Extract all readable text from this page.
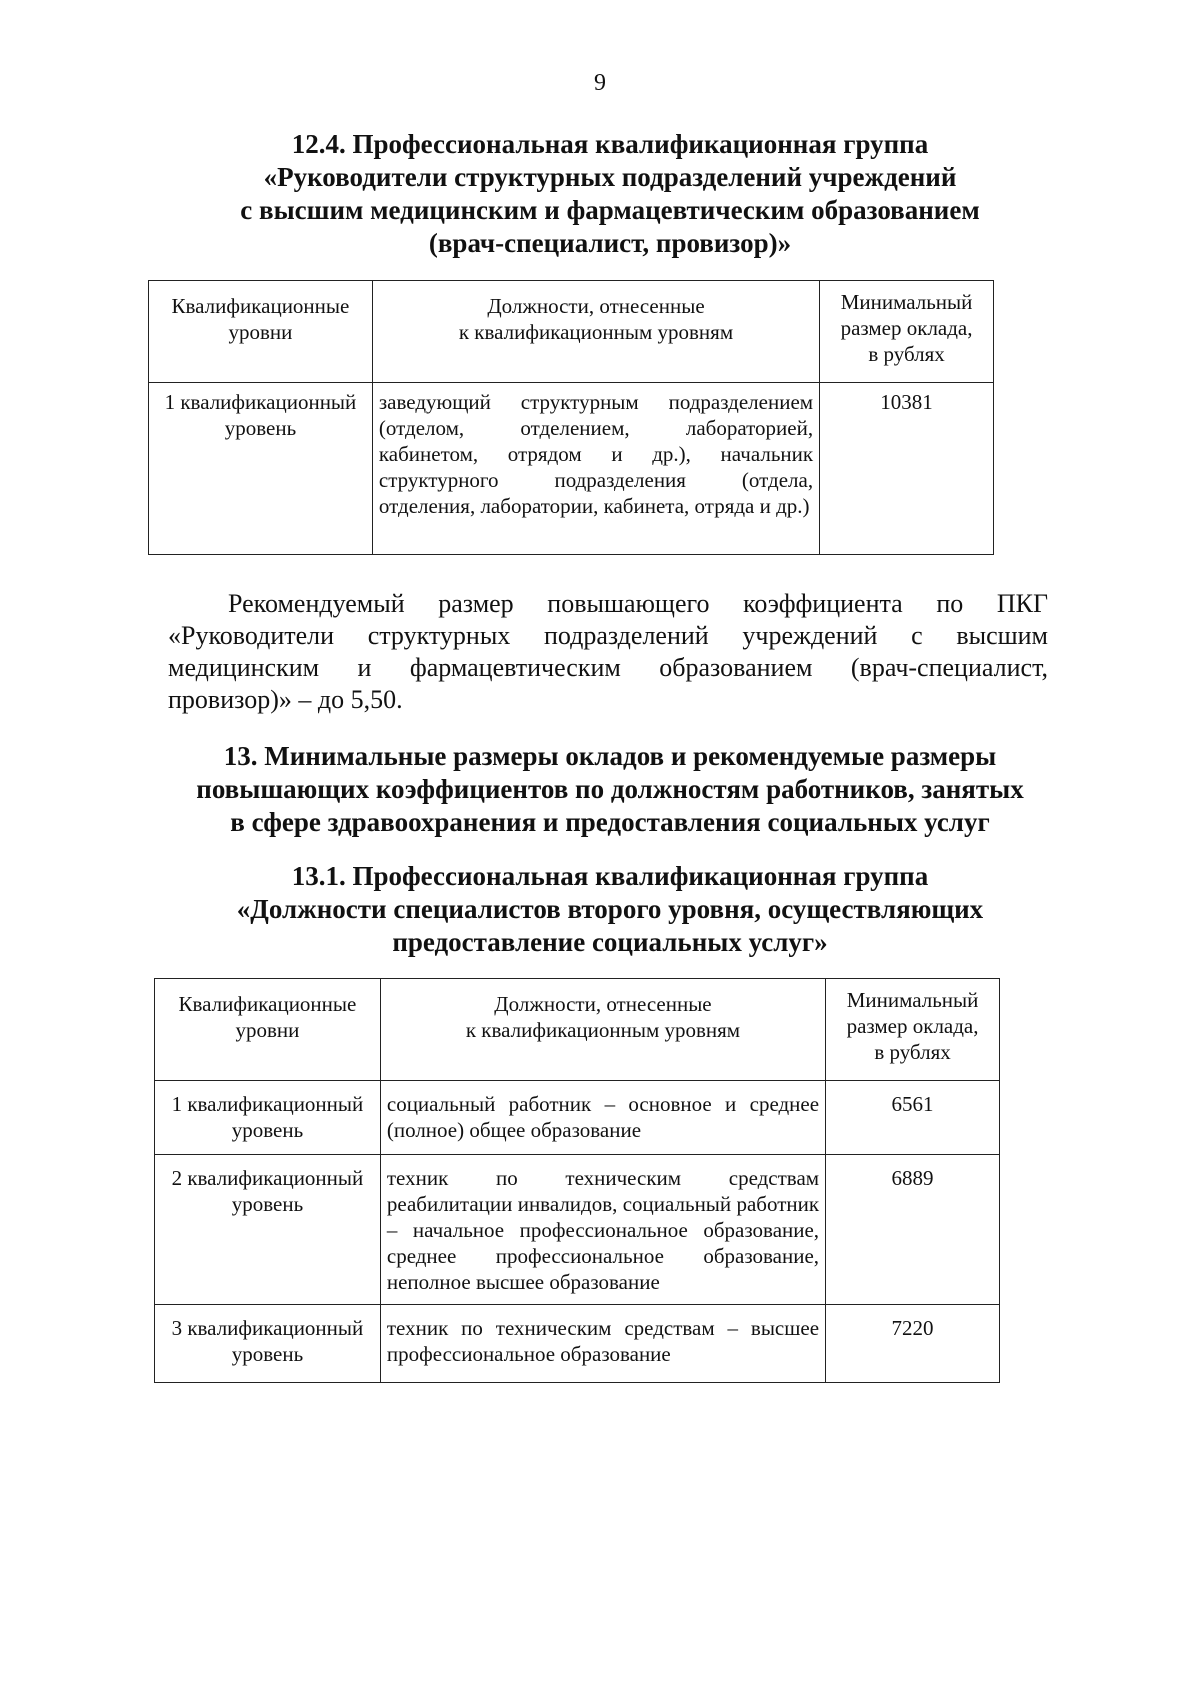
9
12.4. Профессиональная квалификационная группа
«Руководители структурных подразделений учреждений
с высшим медицинским и фармацевтическим образованием
(врач-специалист, провизор)»
Квалификационные
уровни	Должности, отнесенные
к квалификационным уровням	Минимальный
размер оклада,
в рублях

1 квалификационный
уровень	заведующий структурным подразделением (отделом, отделением, лабораторией, кабинетом, отрядом и др.), начальник структурного подразделения (отдела, отделения, лаборатории, кабинета, отряда и др.)	10381
Рекомендуемый размер повышающего коэффициента по ПКГ «Руководители структурных подразделений учреждений с высшим медицинским и фармацевтическим образованием (врач-специалист, провизор)» – до 5,50.
13. Минимальные размеры окладов и рекомендуемые размеры
повышающих коэффициентов по должностям работников, занятых
в сфере здравоохранения и предоставления социальных услуг
13.1. Профессиональная квалификационная группа
«Должности специалистов второго уровня, осуществляющих
предоставление социальных услуг»
Квалификационные
уровни	Должности, отнесенные
к квалификационным уровням	Минимальный
размер оклада,
в рублях

1 квалификационный
уровень	социальный работник – основное и среднее (полное) общее образование	6561

2 квалификационный
уровень	техник по техническим средствам реабилитации инвалидов, социальный работник – начальное профессиональное образование, среднее профессиональное образование, неполное высшее образование	6889

3 квалификационный
уровень	техник по техническим средствам – высшее профессиональное образование	7220
